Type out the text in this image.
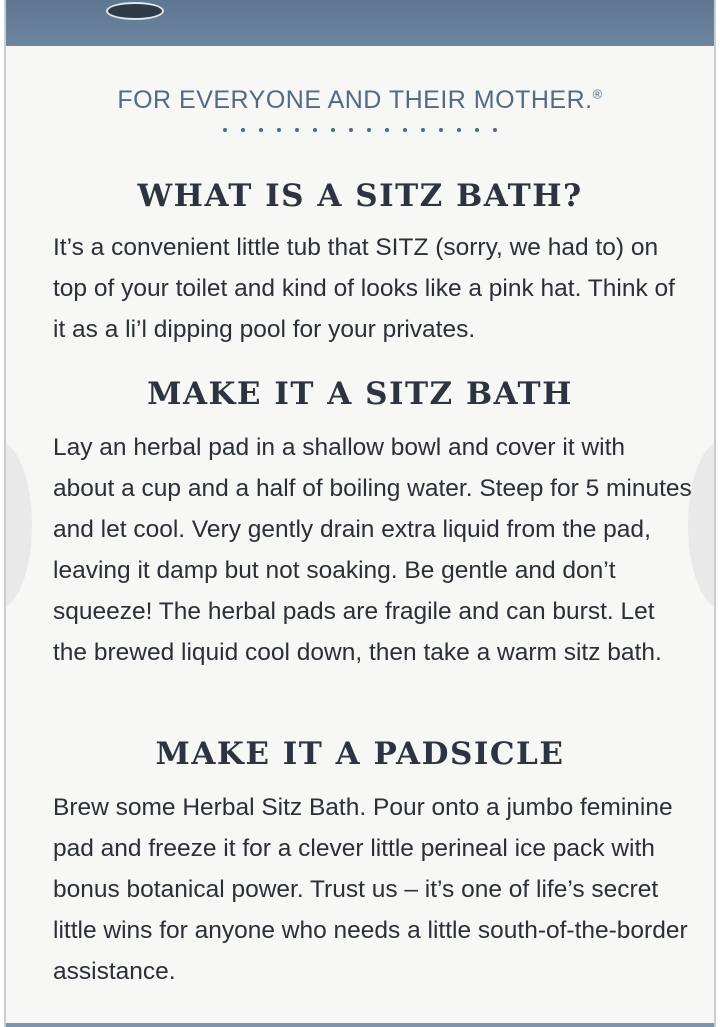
FOR EVERYONE AND THEIR MOTHER.®
WHAT IS A SITZ BATH?

It’s a convenient little tub that SITZ (sorry, we had to) on top of your toilet and kind of looks like a pink hat. Think of it as a li’l dipping pool for your privates.

MAKE IT A SITZ BATH

Lay an herbal pad in a shallow bowl and cover it with about a cup and a half of boiling water. Steep for 5 minutes and let cool. Very gently drain extra liquid from the pad, leaving it damp but not soaking. Be gentle and don’t squeeze! The herbal pads are fragile and can burst. Let the brewed liquid cool down, then take a warm sitz bath.

MAKE IT A PADSICLE

Brew some Herbal Sitz Bath. Pour onto a jumbo feminine pad and freeze it for a clever little perineal ice pack with bonus botanical power. Trust us – it’s one of life’s secret little wins for anyone who needs a little south-of-the-border assistance.
